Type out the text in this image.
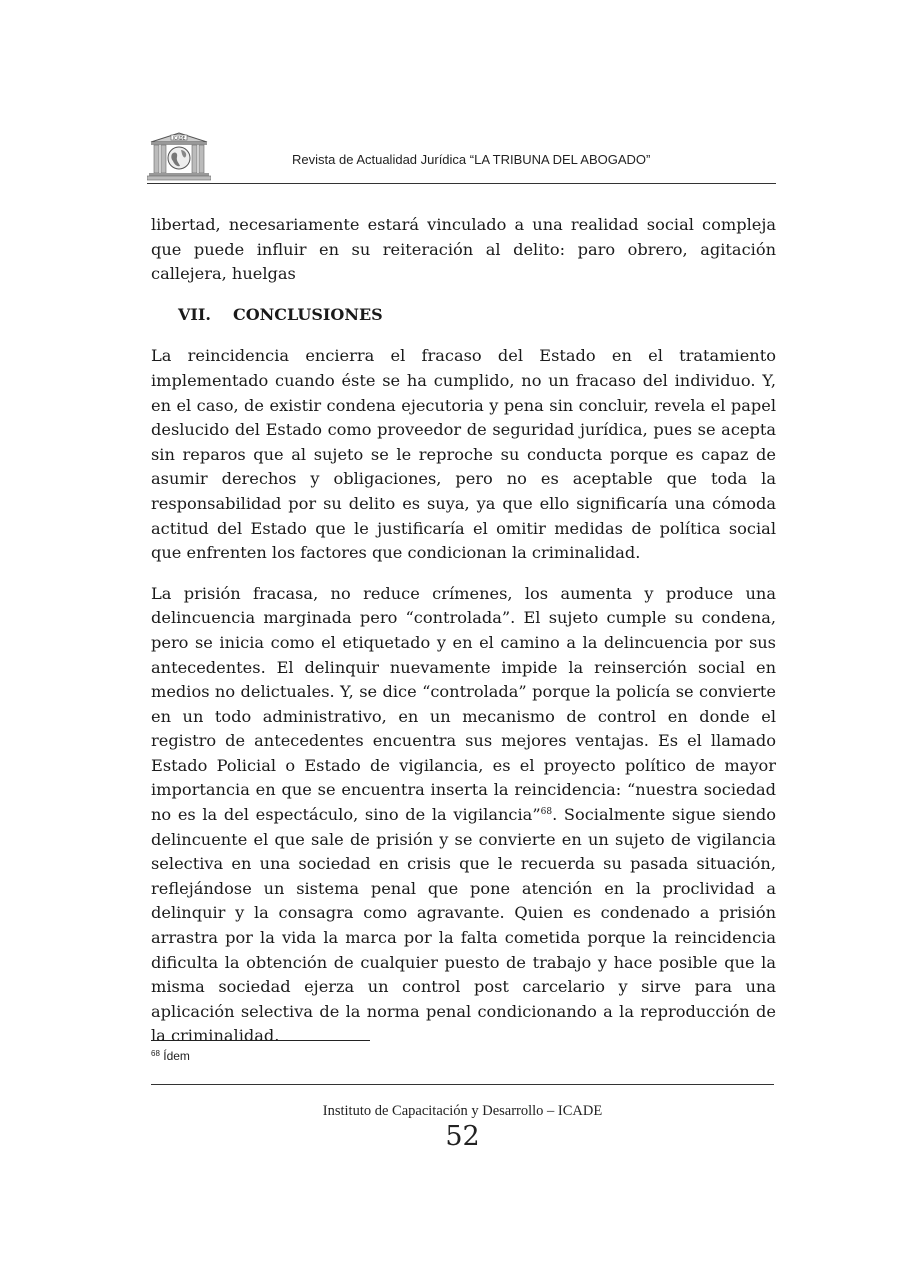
ICADE
Revista de Actualidad Jurídica “LA TRIBUNA DEL ABOGADO”

libertad, necesariamente estará vinculado a una realidad social compleja que puede influir en su reiteración al delito: paro obrero, agitación callejera, huelgas

VII. CONCLUSIONES

La reincidencia encierra el fracaso del Estado en el tratamiento implementado cuando éste se ha cumplido, no un fracaso del individuo. Y, en el caso, de existir condena ejecutoria y pena sin concluir, revela el papel deslucido del Estado como proveedor de seguridad jurídica, pues se acepta sin reparos que al sujeto se le reproche su conducta porque es capaz de asumir derechos y obligaciones, pero no es aceptable que toda la responsabilidad por su delito es suya, ya que ello significaría una cómoda actitud del Estado que le justificaría el omitir medidas de política social que enfrenten los factores que condicionan la criminalidad.

La prisión fracasa, no reduce crímenes, los aumenta y produce una delincuencia marginada pero “controlada”. El sujeto cumple su condena, pero se inicia como el etiquetado y en el camino a la delincuencia por sus antecedentes. El delinquir nuevamente impide la reinserción social en medios no delictuales. Y, se dice “controlada” porque la policía se convierte en un todo administrativo, en un mecanismo de control en donde el registro de antecedentes encuentra sus mejores ventajas. Es el llamado Estado Policial o Estado de vigilancia, es el proyecto político de mayor importancia en que se encuentra inserta la reincidencia: “nuestra sociedad no es la del espectáculo, sino de la vigilancia”$^{68}$. Socialmente sigue siendo delincuente el que sale de prisión y se convierte en un sujeto de vigilancia selectiva en una sociedad en crisis que le recuerda su pasada situación, reflejándose un sistema penal que pone atención en la proclividad a delinquir y la consagra como agravante. Quien es condenado a prisión arrastra por la vida la marca por la falta cometida porque la reincidencia dificulta la obtención de cualquier puesto de trabajo y hace posible que la misma sociedad ejerza un control post carcelario y sirve para una aplicación selectiva de la norma penal condicionando a la reproducción de la criminalidad.

$^{68}$ Ídem
Instituto de Capacitación y Desarrollo – ICADE
52
